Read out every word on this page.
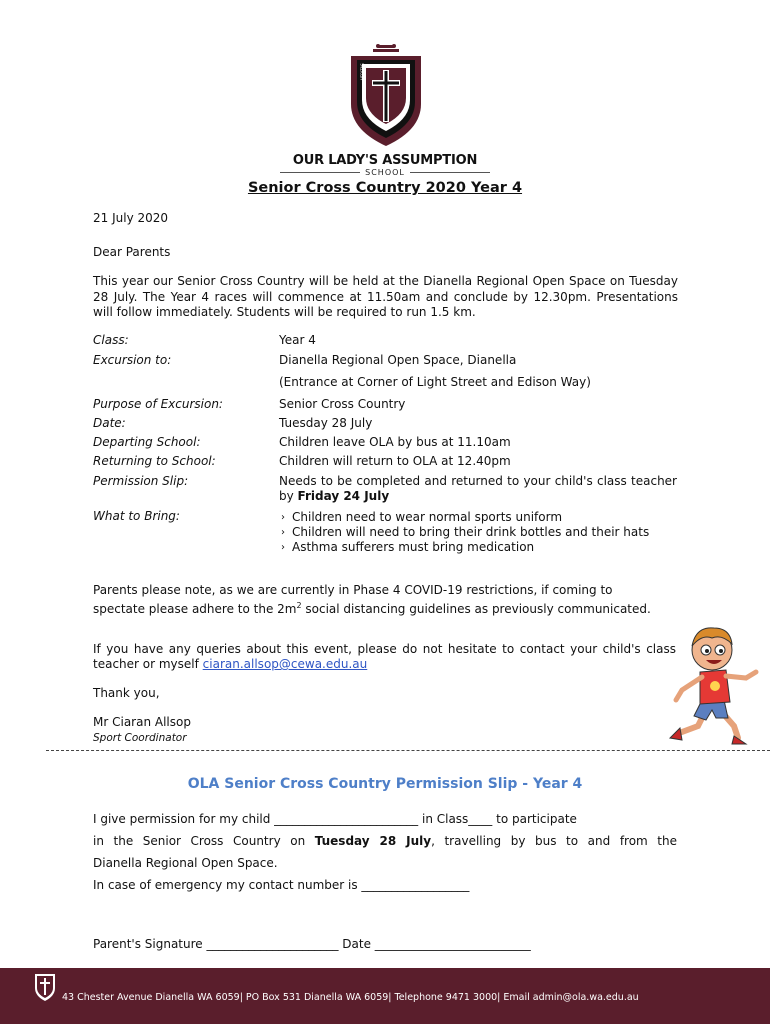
VERITAS
OUR LADY'S ASSUMPTION
SCHOOL
Senior Cross Country 2020 Year 4
21 July 2020
Dear Parents
This year our Senior Cross Country will be held at the Dianella Regional Open Space on Tuesday 28 July. The Year 4 races will commence at 11.50am and conclude by 12.30pm. Presentations will follow immediately. Students will be required to run 1.5 km.
Class:	Year 4
Excursion to:	Dianella Regional Open Space, Dianella
(Entrance at Corner of Light Street and Edison Way)
Purpose of Excursion:	Senior Cross Country
Date:	Tuesday 28 July
Departing School:	Children leave OLA by bus at 11.10am
Returning to School:	Children will return to OLA at 12.40pm
Permission Slip:	Needs to be completed and returned to your child's class teacher by Friday 24 July
What to Bring:
›	Children need to wear normal sports uniform
› Children will need to bring their drink bottles and their hats
› Asthma sufferers must bring medication
Parents please note, as we are currently in Phase 4 COVID-19 restrictions, if coming to spectate please adhere to the $2m^2$ social distancing guidelines as previously communicated.
If you have any queries about this event, please do not hesitate to contact your child's class teacher or myself ciaran.allsop@cewa.edu.au
Thank you,
Mr Ciaran Allsop
Sport Coordinator
OLA Senior Cross Country Permission Slip - Year 4
I give permission for my child ________________________ in Class____ to participate
in the Senior Cross Country on Tuesday 28 July, travelling by bus to and from the
Dianella Regional Open Space.
In case of emergency my contact number is __________________
Parent's Signature ______________________ Date __________________________
43 Chester Avenue Dianella WA 6059| PO Box 531 Dianella WA 6059| Telephone 9471 3000| Email admin@ola.wa.edu.au
